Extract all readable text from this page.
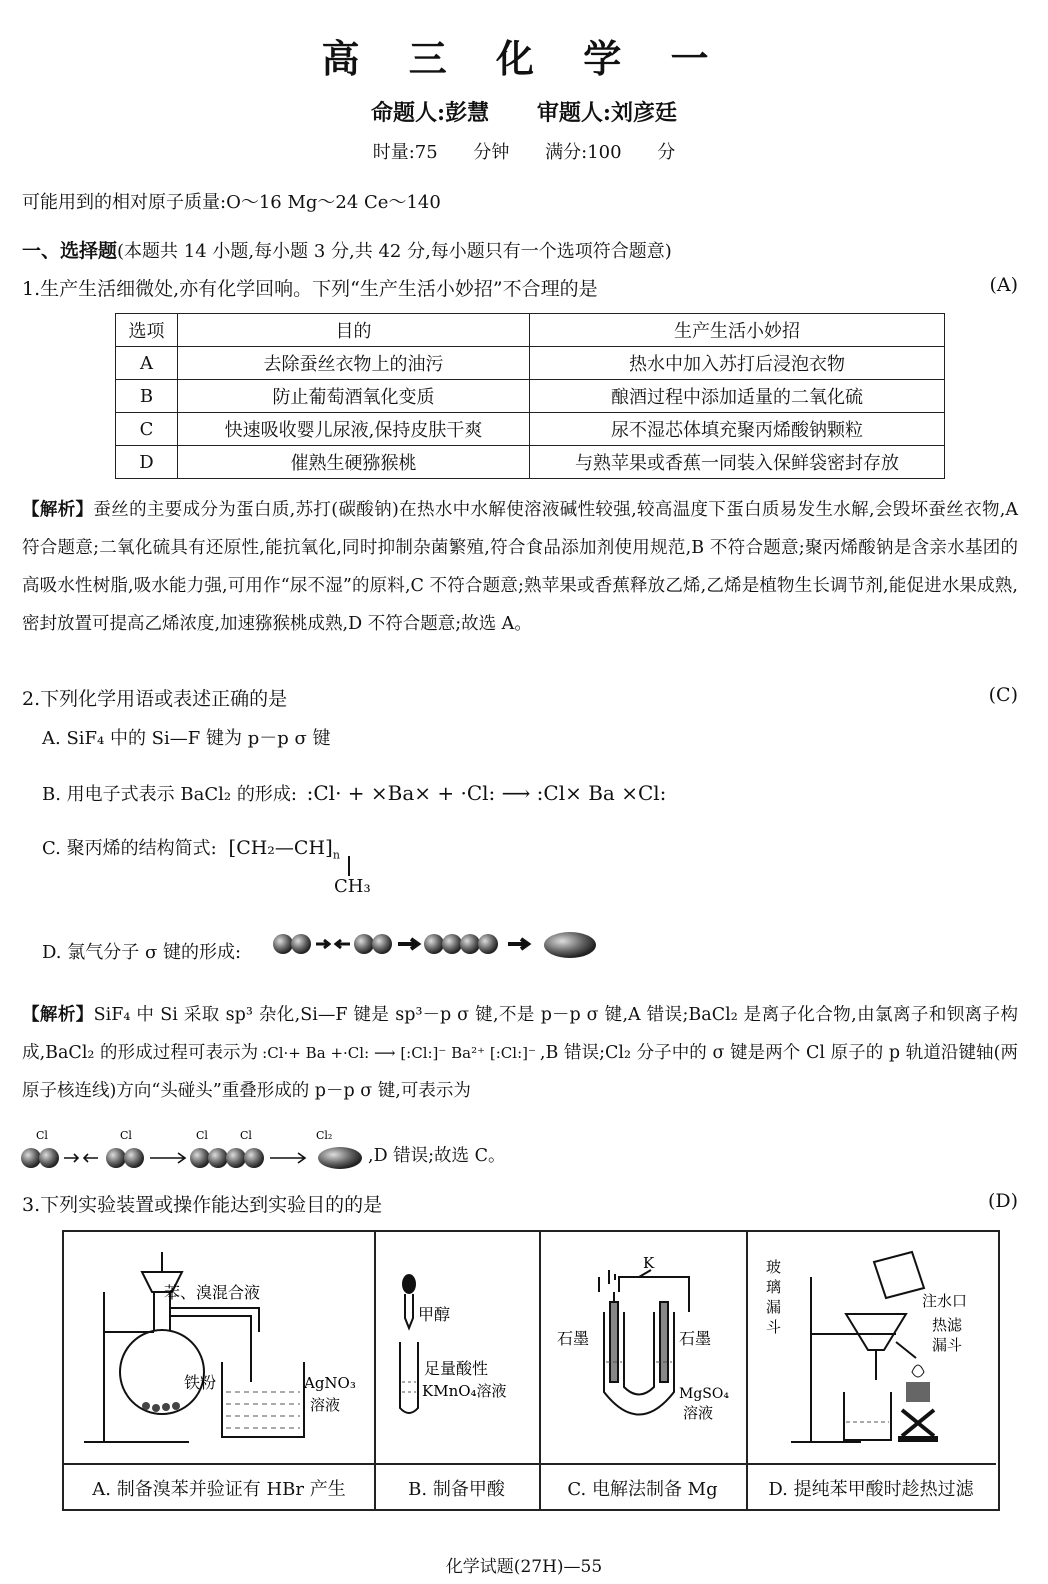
高 三 化 学 一
命题人:彭慧 审题人:刘彦廷
时量:75 分钟 满分:100 分
可能用到的相对原子质量:O～16 Mg～24 Ce～140
一、选择题(本题共 14 小题,每小题 3 分,共 42 分,每小题只有一个选项符合题意)
1.生产生活细微处,亦有化学回响。下列“生产生活小妙招”不合理的是	(A)
选项	目的	生产生活小妙招
A	去除蚕丝衣物上的油污	热水中加入苏打后浸泡衣物
B	防止葡萄酒氧化变质	酿酒过程中添加适量的二氧化硫
C	快速吸收婴儿尿液,保持皮肤干爽	尿不湿芯体填充聚丙烯酸钠颗粒
D	催熟生硬猕猴桃	与熟苹果或香蕉一同装入保鲜袋密封存放
【解析】蚕丝的主要成分为蛋白质,苏打(碳酸钠)在热水中水解使溶液碱性较强,较高温度下蛋白质易发生水解,会毁坏蚕丝衣物,A 符合题意;二氧化硫具有还原性,能抗氧化,同时抑制杂菌繁殖,符合食品添加剂使用规范,B 不符合题意;聚丙烯酸钠是含亲水基团的高吸水性树脂,吸水能力强,可用作“尿不湿”的原料,C 不符合题意;熟苹果或香蕉释放乙烯,乙烯是植物生长调节剂,能促进水果成熟,密封放置可提高乙烯浓度,加速猕猴桃成熟,D 不符合题意;故选 A。
2.下列化学用语或表述正确的是	(C)
A. SiF₄ 中的 Si—F 键为 p－p σ 键
B. 用电子式表示 BaCl₂ 的形成: :Cl· + ×Ba× + ·Cl: ⟶ :Cl× Ba ×Cl:
C. 聚丙烯的结构简式: $[CH_2—CH]_n$
CH₃
D. 氯气分子 σ 键的形成:
【解析】SiF₄ 中 Si 采取 sp³ 杂化,Si—F 键是 sp³－p σ 键,不是 p－p σ 键,A 错误;BaCl₂ 是离子化合物,由氯离子和钡离子构成,BaCl₂ 的形成过程可表示为 :Cl·+ Ba +·Cl: ⟶ [:Cl:]⁻ Ba²⁺ [:Cl:]⁻ ,B 错误;Cl₂ 分子中的 σ 键是两个 Cl 原子的 p 轨道沿键轴(两原子核连线)方向“头碰头”重叠形成的 p－p σ 键,可表示为
Cl	Cl	Cl	Cl	Cl₂
,D 错误;故选 C。
3.下列实验装置或操作能达到实验目的的是	(D)
苯、溴混合液
铁粉	AgNO₃
溶液
A. 制备溴苯并验证有 HBr 产生
甲醇
足量酸性
KMnO₄溶液
B. 制备甲酸
K
石墨	石墨
MgSO₄
溶液
C. 电解法制备 Mg
玻
璃
漏
斗
注水口
热滤
漏斗
D. 提纯苯甲酸时趁热过滤
化学试题(27H)—55
